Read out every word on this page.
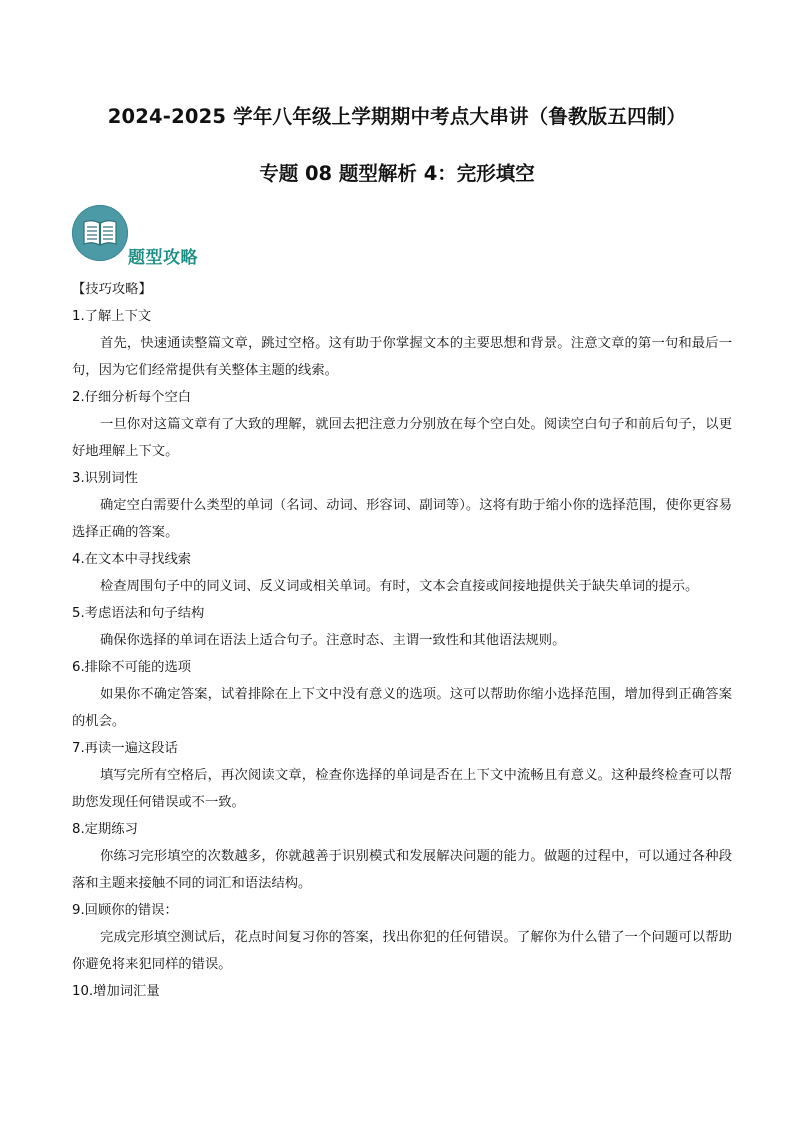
2024-2025 学年八年级上学期期中考点大串讲（鲁教版五四制）
专题 08 题型解析 4：完形填空
题型攻略

【技巧攻略】

1.了解上下文

首先，快速通读整篇文章，跳过空格。这有助于你掌握文本的主要思想和背景。注意文章的第一句和最后一句，因为它们经常提供有关整体主题的线索。

2.仔细分析每个空白

一旦你对这篇文章有了大致的理解，就回去把注意力分别放在每个空白处。阅读空白句子和前后句子，以更好地理解上下文。

3.识别词性

确定空白需要什么类型的单词（名词、动词、形容词、副词等）。这将有助于缩小你的选择范围，使你更容易选择正确的答案。

4.在文本中寻找线索

检查周围句子中的同义词、反义词或相关单词。有时，文本会直接或间接地提供关于缺失单词的提示。

5.考虑语法和句子结构

确保你选择的单词在语法上适合句子。注意时态、主谓一致性和其他语法规则。

6.排除不可能的选项

如果你不确定答案，试着排除在上下文中没有意义的选项。这可以帮助你缩小选择范围，增加得到正确答案的机会。

7.再读一遍这段话

填写完所有空格后，再次阅读文章，检查你选择的单词是否在上下文中流畅且有意义。这种最终检查可以帮助您发现任何错误或不一致。

8.定期练习

你练习完形填空的次数越多，你就越善于识别模式和发展解决问题的能力。做题的过程中，可以通过各种段落和主题来接触不同的词汇和语法结构。

9.回顾你的错误：

完成完形填空测试后，花点时间复习你的答案，找出你犯的任何错误。了解你为什么错了一个问题可以帮助你避免将来犯同样的错误。

10.增加词汇量
